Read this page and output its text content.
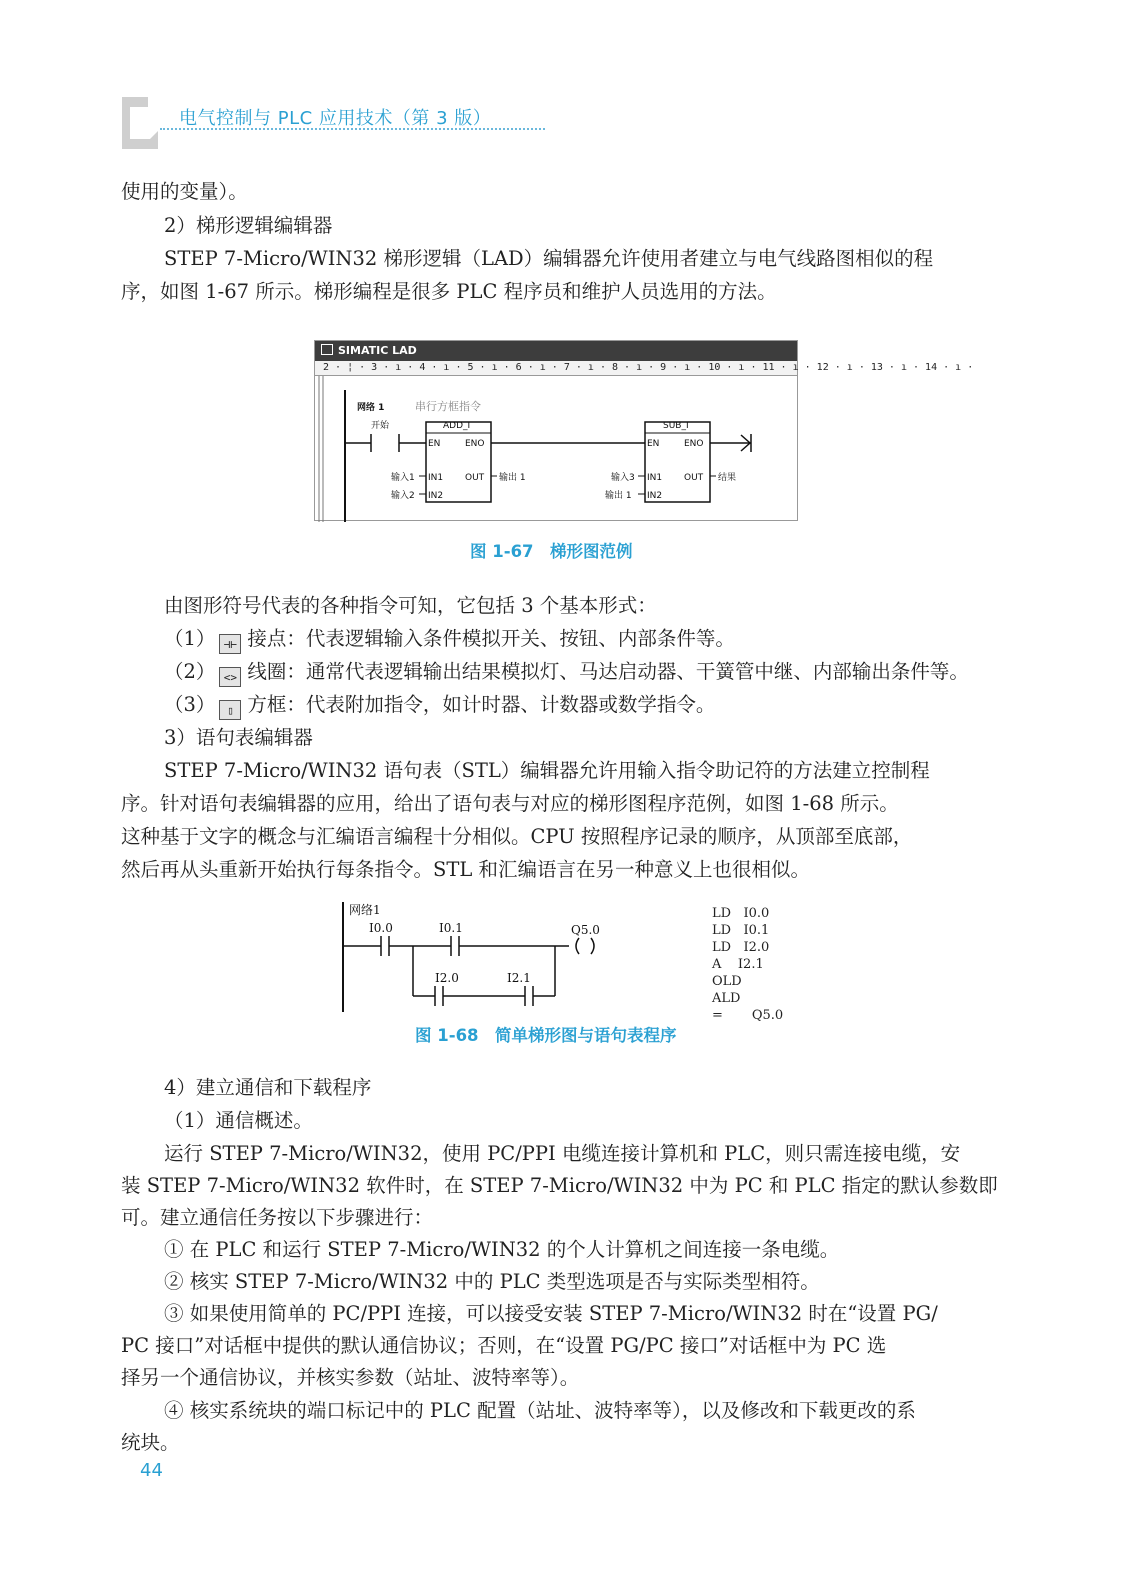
电气控制与 PLC 应用技术（第 3 版）
使用的变量）。
2）梯形逻辑编辑器
STEP 7-Micro/WIN32 梯形逻辑（LAD）编辑器允许使用者建立与电气线路图相似的程
序，如图 1-67 所示。梯形编程是很多 PLC 程序员和维护人员选用的方法。
SIMATIC LAD
2 · ¦ · 3 · ı · 4 · ı · 5 · ı · 6 · ı · 7 · ı · 8 · ı · 9 · ı · 10 · ı · 11 · ı · 12 · ı · 13 · ı · 14 · ı ·
网络 1	串行方框指令
开始	ADD_I
EN	ENO
IN1
IN2
OUT
输入1
输入2
输出 1
SUB_I
EN	ENO
IN1
IN2
OUT
输入3
输出 1
结果
图 1-67　梯形图范例
由图形符号代表的各种指令可知，它包括 3 个基本形式：
（1） ⊣⊢ 接点：代表逻辑输入条件模拟开关、按钮、内部条件等。
（2） <> 线圈：通常代表逻辑输出结果模拟灯、马达启动器、干簧管中继、内部输出条件等。
（3） ▯ 方框：代表附加指令，如计时器、计数器或数学指令。
3）语句表编辑器
STEP 7-Micro/WIN32 语句表（STL）编辑器允许用输入指令助记符的方法建立控制程
序。针对语句表编辑器的应用，给出了语句表与对应的梯形图程序范例，如图 1-68 所示。
这种基于文字的概念与汇编语言编程十分相似。CPU 按照程序记录的顺序，从顶部至底部，
然后再从头重新开始执行每条指令。STL 和汇编语言在另一种意义上也很相似。
网络1
I0.0	I0.1	Q5.0
I2.0	I2.1
LD   I0.0
LD   I0.1
LD   I2.0
A    I2.1
OLD
ALD
=       Q5.0
图 1-68　简单梯形图与语句表程序
4）建立通信和下载程序
（1）通信概述。
运行 STEP 7-Micro/WIN32，使用 PC/PPI 电缆连接计算机和 PLC，则只需连接电缆，安
装 STEP 7-Micro/WIN32 软件时，在 STEP 7-Micro/WIN32 中为 PC 和 PLC 指定的默认参数即
可。建立通信任务按以下步骤进行：
① 在 PLC 和运行 STEP 7-Micro/WIN32 的个人计算机之间连接一条电缆。
② 核实 STEP 7-Micro/WIN32 中的 PLC 类型选项是否与实际类型相符。
③ 如果使用简单的 PC/PPI 连接，可以接受安装 STEP 7-Micro/WIN32 时在“设置 PG/
PC 接口”对话框中提供的默认通信协议；否则，在“设置 PG/PC 接口”对话框中为 PC 选
择另一个通信协议，并核实参数（站址、波特率等）。
④ 核实系统块的端口标记中的 PLC 配置（站址、波特率等），以及修改和下载更改的系
统块。
44
